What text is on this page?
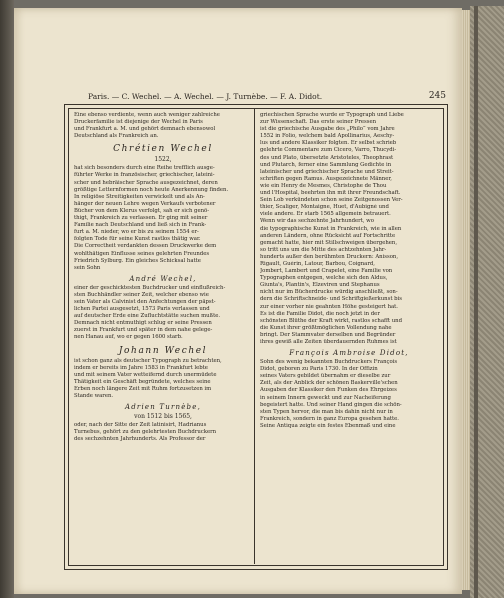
Paris. — C. Wechel. — A. Wechel. — J. Turnèbe. — F. A. Didot.	245
Eine ebenso verdiente, wenn auch weniger zahlreiche
Druckerfamilie ist diejenige der Wechel in Paris
und Frankfurt a. M. und gehört demnach ebensowol
Deutschland als Frankreich an.
Chrétien Wechel
1522,
hat sich besonders durch eine Reihe trefflich ausge-
führter Werke in französischer, griechischer, lateini-
scher und hebräischer Sprache ausgezeichnet, deren
größtige Letternformen noch heute Anerkennung finden.
In religiöse Streitigkeiten verwickelt und als An-
hänger der neuen Lehre wegen Verkaufs verbotener
Bücher von dem Klerus verfolgt, sah er sich genö-
thigt, Frankreich zu verlassen. Er ging mit seiner
Familie nach Deutschland und ließ sich in Frank-
furt a. M. nieder, wo er bis zu seinem 1554 er-
folgten Tode für seine Kunst rastlos thätig war.
Die Correctheit verdankten dessen Druckwerke dem
wohlthätigen Einflusse seines gelehrten Freundes
Friedrich Sylburg. Ein gleiches Schicksal hatte
sein Sohn
André Wechel,
einer der geschicktesten Buchdrucker und einflußreich-
sten Buchhändler seiner Zeit, welcher ebenso wie
sein Vater als Calvinist den Anfechtungen der päpst-
lichen Partei ausgesetzt, 1573 Paris verlassen und
auf deutscher Erde eine Zufluchtstätte suchen mußte.
Demnach nicht entmuthigt schlug er seine Pressen
zuerst in Frankfurt und später in dem nahe gelege-
nen Hanau auf, wo er gegen 1600 starb.
Johann Wechel
ist schon ganz als deutscher Typograph zu betrachten,
indem er bereits im Jahre 1583 in Frankfurt lebte
und mit seinem Vater wetteifernd durch unermüdete
Thätigkeit ein Geschäft begründete, welches seine
Erben noch längere Zeit mit Ruhm fortzusetzen im
Stande waren.
Adrien Turnèbe,
von 1512 bis 1565,
oder, nach der Sitte der Zeit latinisirt, Hadrianus
Turnebus, gehört zu den gelehrtesten Buchdruckern
des sechzehnten Jahrhunderts. Als Professor der
griechischen Sprache wurde er Typograph und Liebe
zur Wissenschaft. Das erste seiner Pressen
ist die griechische Ausgabe des „Philo“ vom Jahre
1552 in Folio, welchem bald Apollinarius, Aeschy-
lus und andere Klassiker folgten. Er selbst schrieb
gelehrte Commentare zum Cicero, Varro, Thucydi-
des und Plato, übersetzte Aristoteles, Theophrast
und Plutarch, ferner eine Sammlung Gedichte in
lateinischer und griechischer Sprache und Streit-
schriften gegen Ramus. Ausgezeichnete Männer,
wie ein Henry de Mesmes, Christophe de Thou
und l'Hospital, beehrten ihn mit ihrer Freundschaft.
Sein Lob verkündeten schon seine Zeitgenossen Ver-
thier, Scaliger, Montaigne, Huet, d'Aubigné und
viele andere. Er starb 1565 allgemein betrauert.
Wenn wir das sechzehnte Jahrhundert, wo
die typographische Kunst in Frankreich, wie in allen
anderen Ländern, ohne Rücksicht auf Fortschritte
gemacht hatte, hier mit Stillschweigen übergehen,
so tritt uns um die Mitte des achtzehnten Jahr-
hunderts außer den berühmten Druckern: Anisson,
Rigault, Guérin, Latour, Barbou, Coignard,
Jombert, Lambert und Crapelet, eine Familie von
Typographen entgegen, welche sich den Aldus,
Giunta's, Plantin's, Elzeviren und Stephanus
nicht nur im Bücherdrucke würdig anschließt, son-
dern die Schriftschneide- und Schriftgießerkunst bis
zur einer vorher nie geahnten Höhe gesteigert hat.
Es ist die Familie Didot, die noch jetzt in der
schönsten Blüthe der Kraft wirkt, rastlos schafft und
die Kunst ihrer größtmöglichen Vollendung nahe
bringt. Der Stammvater derselben und Begründer
ihres gewiß alle Zeiten überdauernden Ruhmes ist
François Ambroise Didot,
Sohn des wenig bekannten Buchdruckers François
Didot, geboren zu Paris 1730. In der Offizin
seines Vaters gebildet übernahm er dieselbe zur
Zeit, als der Anblick der schönen Baskerville'schen
Ausgaben der Klassiker den Funken des Ehrgeizes
in seinem Innern geweckt und zur Nacheiferung
begeistert hatte. Und seiner Hand gingen die schön-
sten Typen hervor, die man bis dahin nicht nur in
Frankreich, sondern in ganz Europa gesehen hatte.
Seine Antiqua zeigte ein festes Ebenmaß und eine
